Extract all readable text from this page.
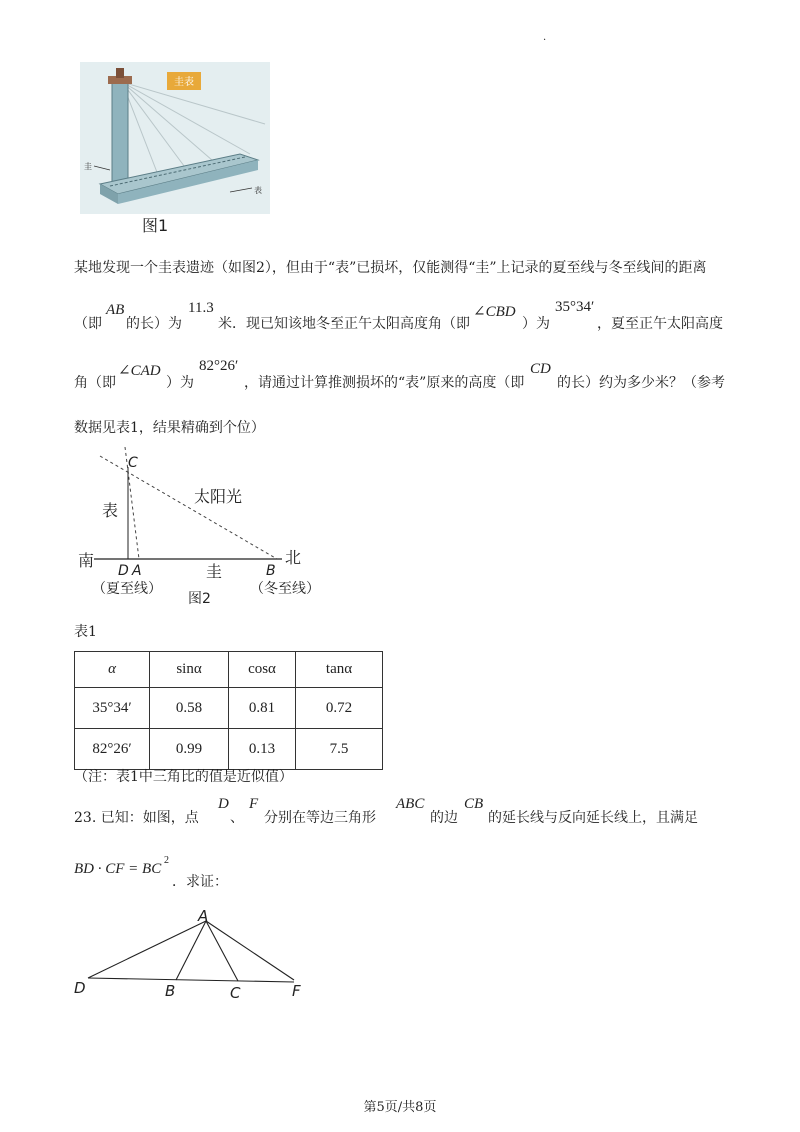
.
圭表
圭
表
图1
某地发现一个圭表遗迹（如图2），但由于“表”已损坏，仅能测得“圭”上记录的夏至线与冬至线间的距离
（即
AB
的长）为
11.3
米．现已知该地冬至正午太阳高度角（即
∠CBD
）为
35°34′
，夏至正午太阳高度
角（即
∠CAD
）为
82°26′
，请通过计算推测损坏的“表”原来的高度（即
CD
的长）约为多少米？（参考
数据见表1，结果精确到个位）
C
表
太阳光
南	北
D A	B
圭
（夏至线）	（冬至线）
图2
表1
α	sinα	cosα	tanα
35°34′	0.58	0.81	0.72
82°26′	0.99	0.13	7.5
（注：表1中三角比的值是近似值）
23. 已知：如图，点
D
、
F
分别在等边三角形
ABC
的边
CB
的延长线与反向延长线上，且满足
BD · CF = BC
2
．求证：
A
D	B	C	F
第5页/共8页
